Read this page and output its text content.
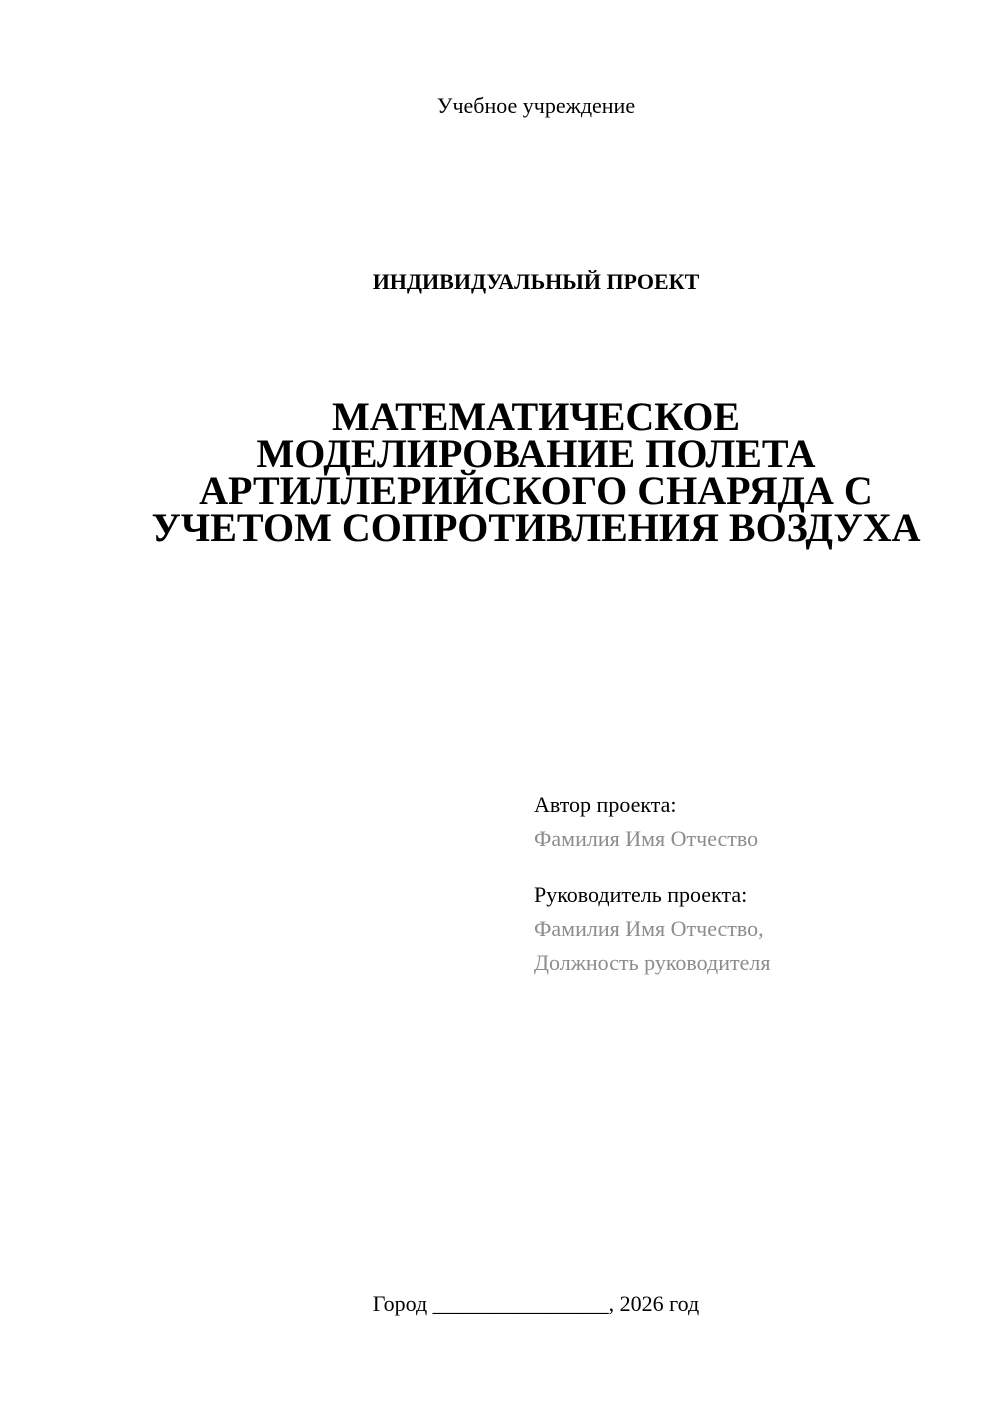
Учебное учреждение
ИНДИВИДУАЛЬНЫЙ ПРОЕКТ
МАТЕМАТИЧЕСКОЕ
МОДЕЛИРОВАНИЕ ПОЛЕТА
АРТИЛЛЕРИЙСКОГО СНАРЯДА С
УЧЕТОМ СОПРОТИВЛЕНИЯ ВОЗДУХА
Автор проекта:
Фамилия Имя Отчество
Руководитель проекта:
Фамилия Имя Отчество,
Должность руководителя
Город ________________, 2026 год
